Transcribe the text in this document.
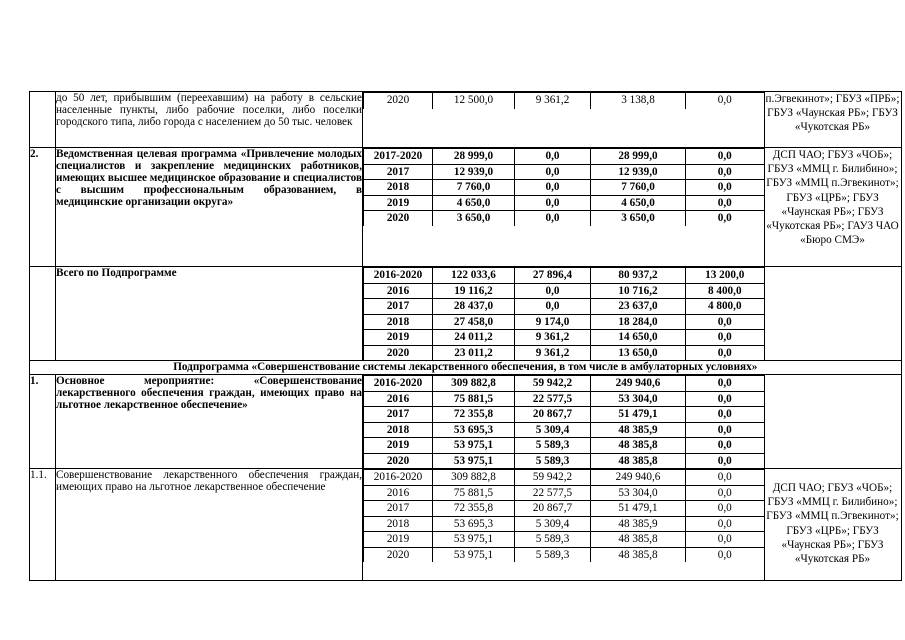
	до 50 лет, прибывшим (переехавшим) на работу в сельские населенные пункты, либо рабочие поселки, либо поселки городского типа, либо города с населением до 50 тыс. человек	
2020	12 500,0	9 361,2	3 138,8	0,0
		п.Эгвекинот»; ГБУЗ «ПРБ»; ГБУЗ «Чаунская РБ»; ГБУЗ «Чукотская РБ»
2.	Ведомственная целевая программа «Привлечение молодых специалистов и закрепление медицинских работников, имеющих высшее медицинское образование и специалистов с высшим профессиональным образованием, в медицинские организации округа»	
2017-2020	28 999,0	0,0	28 999,0	0,0
2017	12 939,0	0,0	12 939,0	0,0
2018	7 760,0	0,0	7 760,0	0,0
2019	4 650,0	0,0	4 650,0	0,0
2020	3 650,0	0,0	3 650,0	0,0
	ДСП ЧАО; ГБУЗ «ЧОБ»; ГБУЗ «ММЦ г. Билибино»; ГБУЗ «ММЦ п.Эгвекинот»; ГБУЗ «ЦРБ»; ГБУЗ «Чаунская РБ»; ГБУЗ «Чукотская РБ»; ГАУЗ ЧАО «Бюро СМЭ»
	Всего по Подпрограмме		2016-2020	122 033,6	27 896,4	80 937,2	13 200,0
2016	19 116,2	0,0	10 716,2	8 400,0
2017	28 437,0	0,0	23 637,0	4 800,0
2018	27 458,0	9 174,0	18 284,0	0,0
2019	24 011,2	9 361,2	14 650,0	0,0
2020	23 011,2	9 361,2	13 650,0	0,0

Подпрограмма «Совершенствование системы лекарственного обеспечения, в том числе в амбулаторных условиях»
1.	Основное мероприятие: «Совершенствование лекарственного обеспечения граждан, имеющих право на льготное лекарственное обеспечение»	
2016-2020	309 882,8	59 942,2	249 940,6	0,0
2016	75 881,5	22 577,5	53 304,0	0,0
2017	72 355,8	20 867,7	51 479,1	0,0
2018	53 695,3	5 309,4	48 385,9	0,0
2019	53 975,1	5 589,3	48 385,8	0,0
2020	53 975,1	5 589,3	48 385,8	0,0

1.1.	Совершенствование лекарственного обеспечения граждан, имеющих право на льготное лекарственное обеспечение	
2016-2020	309 882,8	59 942,2	249 940,6	0,0
2016	75 881,5	22 577,5	53 304,0	0,0
2017	72 355,8	20 867,7	51 479,1	0,0
2018	53 695,3	5 309,4	48 385,9	0,0
2019	53 975,1	5 589,3	48 385,8	0,0
2020	53 975,1	5 589,3	48 385,8	0,0
	ДСП ЧАО; ГБУЗ «ЧОБ»; ГБУЗ «ММЦ г. Билибино»; ГБУЗ «ММЦ п.Эгвекинот»; ГБУЗ «ЦРБ»; ГБУЗ «Чаунская РБ»; ГБУЗ «Чукотская РБ»
